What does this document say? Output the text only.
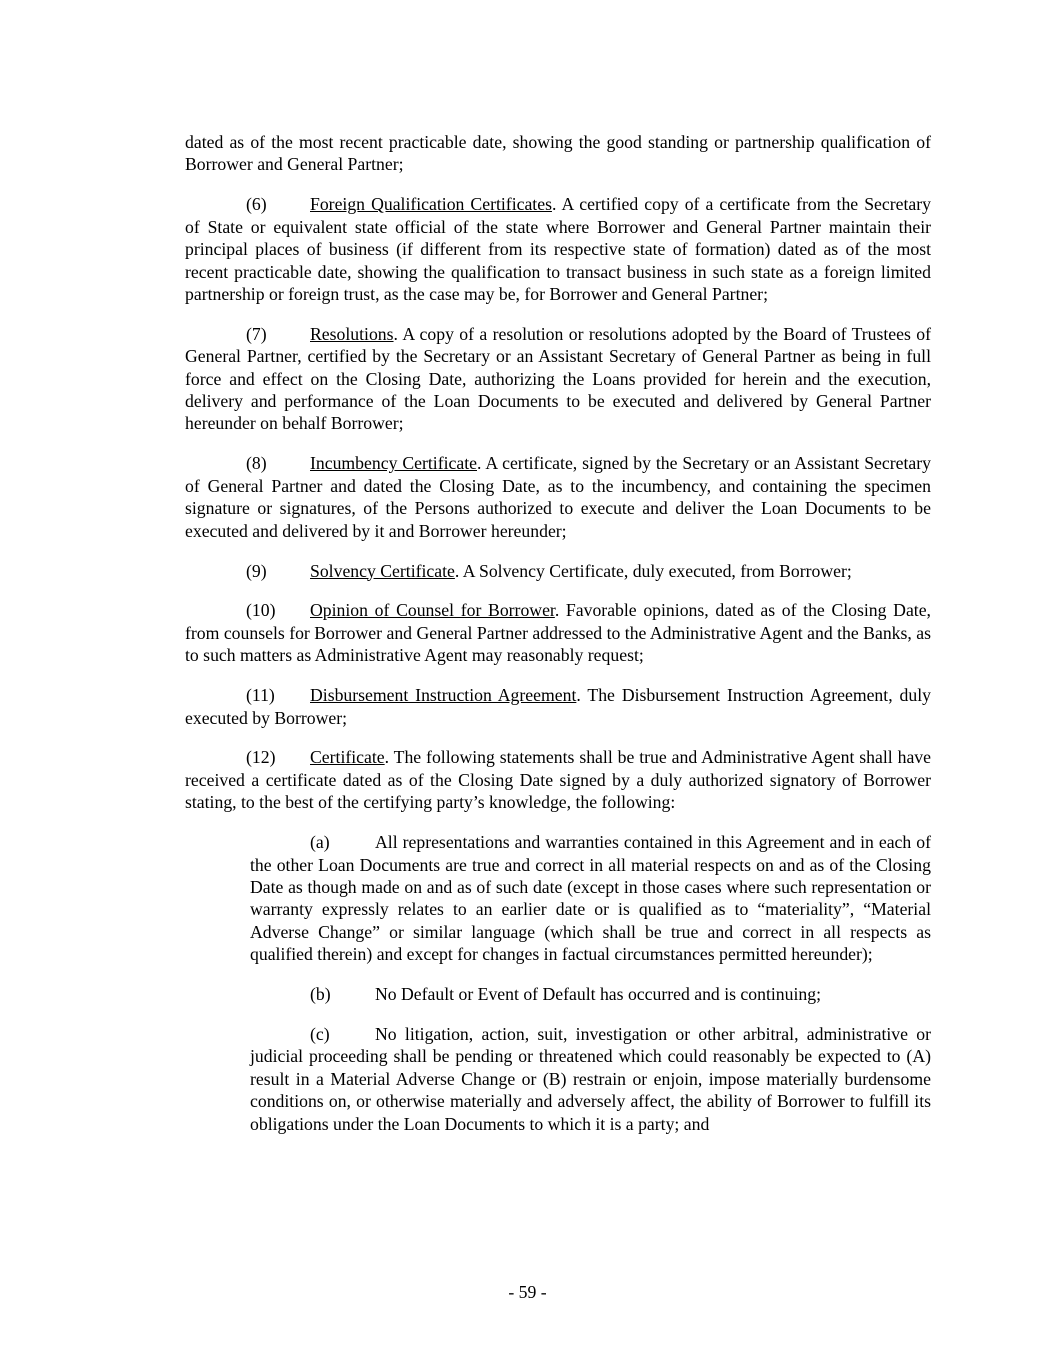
dated as of the most recent practicable date, showing the good standing or partnership qualification of Borrower and General Partner;

(6) Foreign Qualification Certificates. A certified copy of a certificate from the Secretary of State or equivalent state official of the state where Borrower and General Partner maintain their principal places of business (if different from its respective state of formation) dated as of the most recent practicable date, showing the qualification to transact business in such state as a foreign limited partnership or foreign trust, as the case may be, for Borrower and General Partner;

(7) Resolutions. A copy of a resolution or resolutions adopted by the Board of Trustees of General Partner, certified by the Secretary or an Assistant Secretary of General Partner as being in full force and effect on the Closing Date, authorizing the Loans provided for herein and the execution, delivery and performance of the Loan Documents to be executed and delivered by General Partner hereunder on behalf Borrower;

(8) Incumbency Certificate. A certificate, signed by the Secretary or an Assistant Secretary of General Partner and dated the Closing Date, as to the incumbency, and containing the specimen signature or signatures, of the Persons authorized to execute and deliver the Loan Documents to be executed and delivered by it and Borrower hereunder;

(9) Solvency Certificate. A Solvency Certificate, duly executed, from Borrower;

(10) Opinion of Counsel for Borrower. Favorable opinions, dated as of the Closing Date, from counsels for Borrower and General Partner addressed to the Administrative Agent and the Banks, as to such matters as Administrative Agent may reasonably request;

(11) Disbursement Instruction Agreement. The Disbursement Instruction Agreement, duly executed by Borrower;

(12) Certificate. The following statements shall be true and Administrative Agent shall have received a certificate dated as of the Closing Date signed by a duly authorized signatory of Borrower stating, to the best of the certifying party’s knowledge, the following:

(a)	All representations and warranties contained in this Agreement and in each of the other Loan Documents are true and correct in all material respects on and as of the Closing Date as though made on and as of such date (except in those cases where such representation or warranty expressly relates to an earlier date or is qualified as to “materiality”, “Material Adverse Change” or similar language (which shall be true and correct in all respects as qualified therein) and except for changes in factual circumstances permitted hereunder);

(b)	No Default or Event of Default has occurred and is continuing;

(c)	No litigation, action, suit, investigation or other arbitral, administrative or judicial proceeding shall be pending or threatened which could reasonably be expected to (A) result in a Material Adverse Change or (B) restrain or enjoin, impose materially burdensome conditions on, or otherwise materially and adversely affect, the ability of Borrower to fulfill its obligations under the Loan Documents to which it is a party; and

- 59 -
